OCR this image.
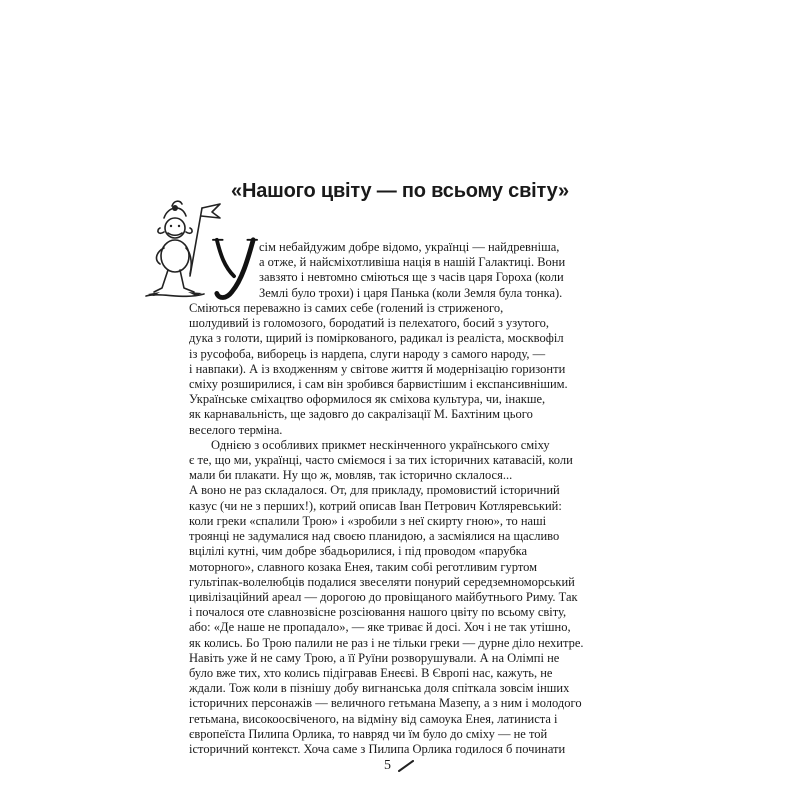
«Нашого цвіту — по всьому світу»
У
сім небайдужим добре відомо, українці — найдревніша,
а отже, й найсміхотливіша нація в нашій Галактиці. Вони
завзято і невтомно сміються ще з часів царя Гороха (коли
Землі було трохи) і царя Панька (коли Земля була тонка).
Сміються переважно із самих себе (голений із стриженого,
шолудивий із голомозого, бородатий із пелехатого, босий з узутого,
дука з голоти, щирий із поміркованого, радикал із реаліста, москвофіл
із русофоба, виборець із нардепа, слуги народу з самого народу, —
і навпаки). А із входженням у світове життя й модернізацію горизонти
сміху розширилися, і сам він зробився барвистішим і експансивнішим.
Українське сміхацтво оформилося як сміхова культура, чи, інакше,
як карнавальність, ще задовго до сакралізації М. Бахтіним цього
веселого терміна.
Однією з особливих прикмет нескінченного українського сміху
є те, що ми, українці, часто сміємося і за тих історичних катавасій, коли
мали би плакати. Ну що ж, мовляв, так історично склалося...
А воно не раз складалося. От, для прикладу, промовистий історичний
казус (чи не з перших!), котрий описав Іван Петрович Котляревський:
коли греки «спалили Трою» і «зробили з неї скирту гною», то наші
троянці не задумалися над своєю планидою, а засміялися на щасливо
вцілілі кутні, чим добре збадьорилися, і під проводом «парубка
моторного», славного козака Енея, таким собі реготливим гуртом
гультіпак-волелюбців подалися звеселяти понурий середземноморський
цивілізаційний ареал — дорогою до провіщаного майбутнього Риму. Так
і почалося оте славнозвісне розсіювання нашого цвіту по всьому світу,
або: «Де наше не пропадало», — яке триває й досі. Хоч і не так утішно,
як колись. Бо Трою палили не раз і не тільки греки — дурне діло нехитре.
Навіть уже й не саму Трою, а її Руїни розворушували. А на Олімпі не
було вже тих, хто колись підігравав Енеєві. В Європі нас, кажуть, не
ждали. Тож коли в пізнішу добу вигнанська доля спіткала зовсім інших
історичних персонажів — величного гетьмана Мазепу, а з ним і молодого
гетьмана, високоосвіченого, на відміну від самоука Енея, латиниста і
європеїста Пилипа Орлика, то навряд чи їм було до сміху — не той
історичний контекст. Хоча саме з Пилипа Орлика годилося б починати
5
